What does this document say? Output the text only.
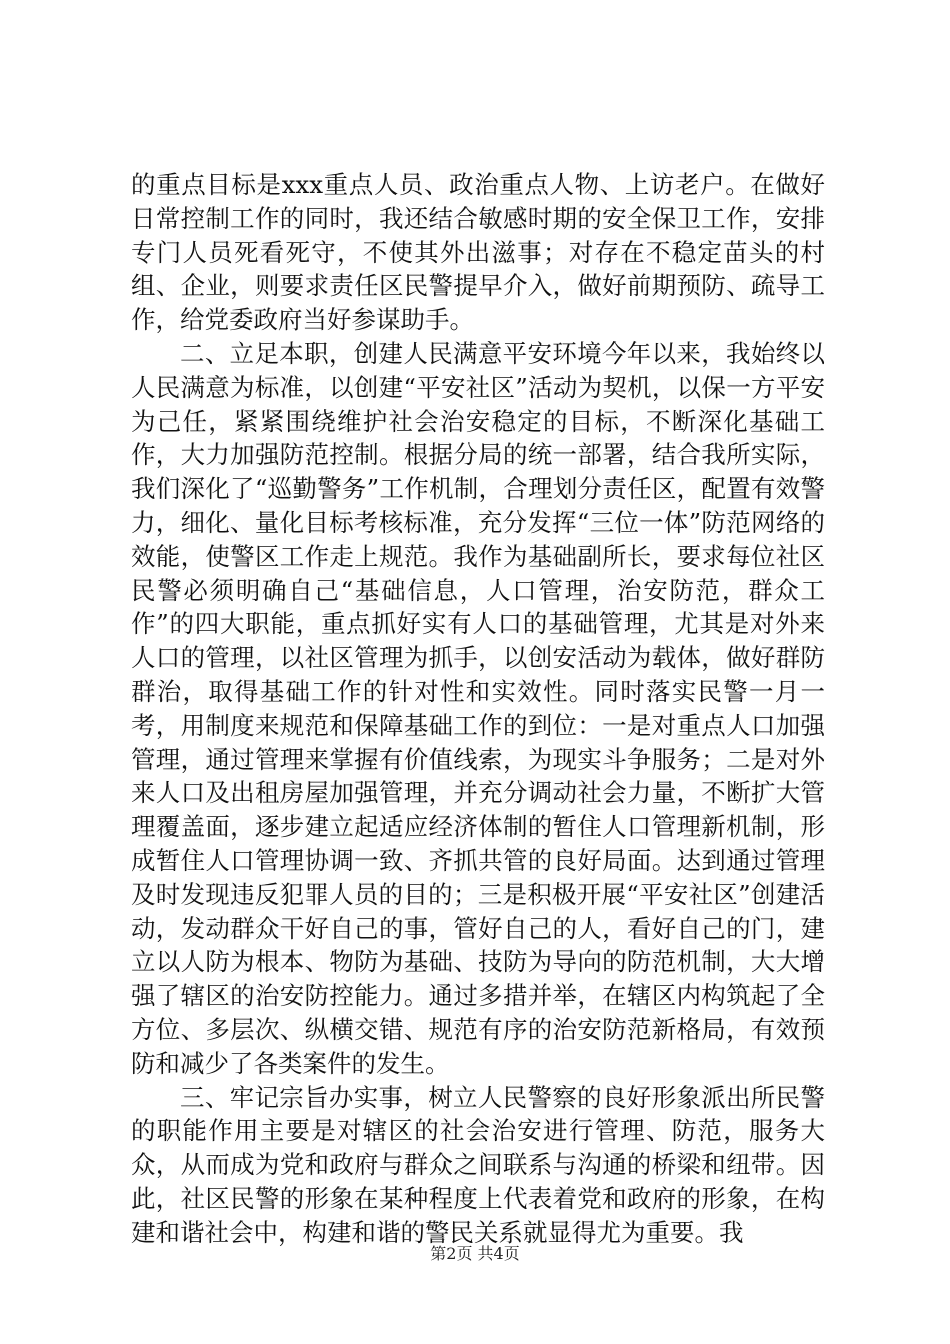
的重点目标是xxx重点人员、政治重点人物、上访老户。在做好日常控制工作的同时，我还结合敏感时期的安全保卫工作，安排专门人员死看死守，不使其外出滋事；对存在不稳定苗头的村组、企业，则要求责任区民警提早介入，做好前期预防、疏导工作，给党委政府当好参谋助手。

二、立足本职，创建人民满意平安环境今年以来，我始终以人民满意为标准，以创建“平安社区”活动为契机，以保一方平安为己任，紧紧围绕维护社会治安稳定的目标，不断深化基础工作，大力加强防范控制。根据分局的统一部署，结合我所实际，我们深化了“巡勤警务”工作机制，合理划分责任区，配置有效警力，细化、量化目标考核标准，充分发挥“三位一体”防范网络的效能，使警区工作走上规范。我作为基础副所长，要求每位社区民警必须明确自己“基础信息，人口管理，治安防范，群众工作”的四大职能，重点抓好实有人口的基础管理，尤其是对外来人口的管理，以社区管理为抓手，以创安活动为载体，做好群防群治，取得基础工作的针对性和实效性。同时落实民警一月一考，用制度来规范和保障基础工作的到位：一是对重点人口加强管理，通过管理来掌握有价值线索，为现实斗争服务；二是对外来人口及出租房屋加强管理，并充分调动社会力量，不断扩大管理覆盖面，逐步建立起适应经济体制的暂住人口管理新机制，形成暂住人口管理协调一致、齐抓共管的良好局面。达到通过管理及时发现违反犯罪人员的目的；三是积极开展“平安社区”创建活动，发动群众干好自己的事，管好自己的人，看好自己的门，建立以人防为根本、物防为基础、技防为导向的防范机制，大大增强了辖区的治安防控能力。通过多措并举，在辖区内构筑起了全方位、多层次、纵横交错、规范有序的治安防范新格局，有效预防和减少了各类案件的发生。

三、牢记宗旨办实事，树立人民警察的良好形象派出所民警的职能作用主要是对辖区的社会治安进行管理、防范，服务大众，从而成为党和政府与群众之间联系与沟通的桥梁和纽带。因此，社区民警的形象在某种程度上代表着党和政府的形象，在构建和谐社会中，构建和谐的警民关系就显得尤为重要。我

第2页 共4页
